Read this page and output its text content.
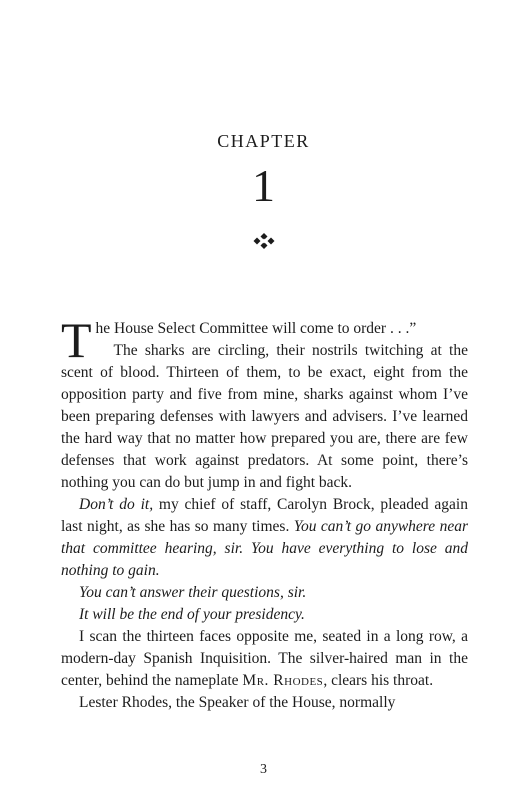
CHAPTER
1

The House Select Committee will come to order . . .”

The sharks are circling, their nostrils twitching at the scent of blood. Thirteen of them, to be exact, eight from the opposition party and five from mine, sharks against whom I’ve been preparing defenses with lawyers and advisers. I’ve learned the hard way that no matter how prepared you are, there are few defenses that work against predators. At some point, there’s nothing you can do but jump in and fight back.

Don’t do it, my chief of staff, Carolyn Brock, pleaded again last night, as she has so many times. You can’t go anywhere near that committee hearing, sir. You have everything to lose and nothing to gain.

You can’t answer their questions, sir.

It will be the end of your presidency.

I scan the thirteen faces opposite me, seated in a long row, a modern-day Spanish Inquisition. The silver-haired man in the center, behind the nameplate Mr. Rhodes, clears his throat.

Lester Rhodes, the Speaker of the House, normally

3
